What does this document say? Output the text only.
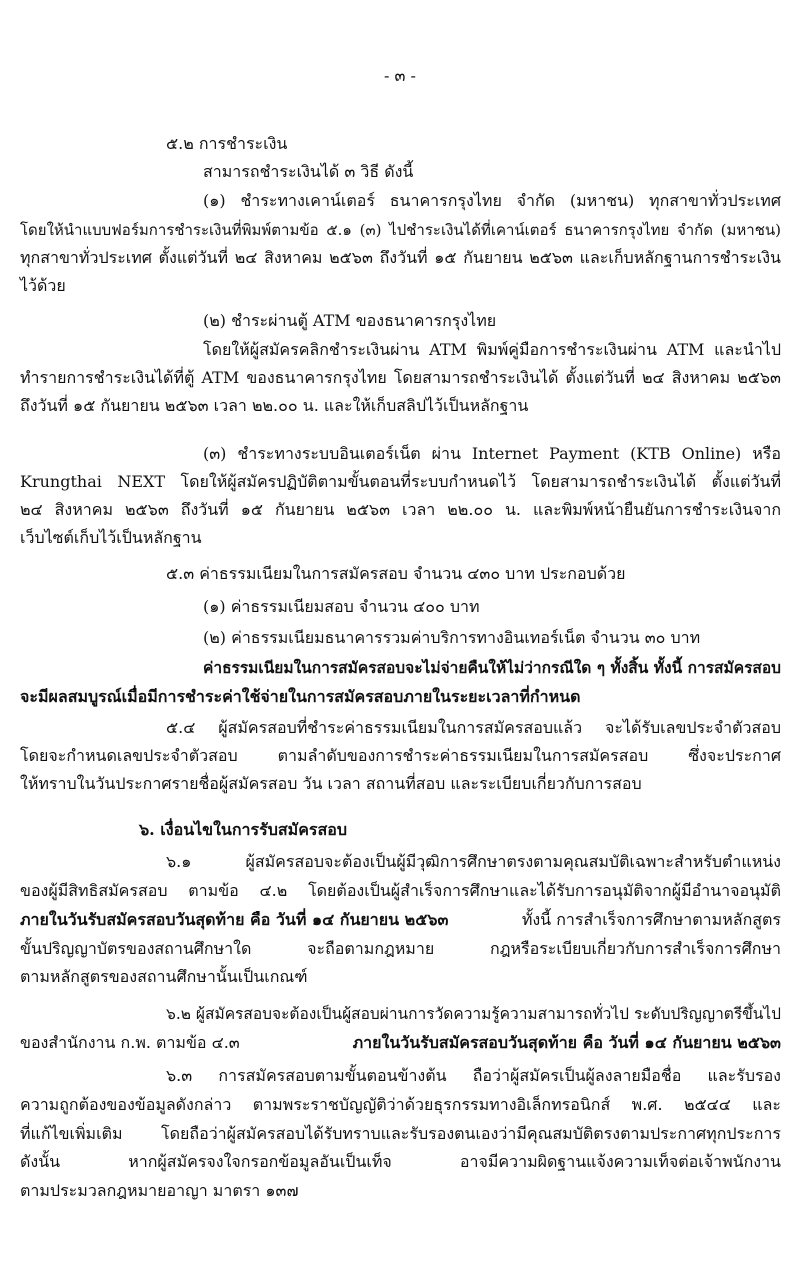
- ๓ -

๕.๒ การชำระเงิน

สามารถชำระเงินได้ ๓ วิธี ดังนี้

(๑) ชำระทางเคาน์เตอร์ ธนาคารกรุงไทย จำกัด (มหาชน) ทุกสาขาทั่วประเทศ

โดยให้นำแบบฟอร์มการชำระเงินที่พิมพ์ตามข้อ ๕.๑ (๓) ไปชำระเงินได้ที่เคาน์เตอร์ ธนาคารกรุงไทย จำกัด (มหาชน)

ทุกสาขาทั่วประเทศ ตั้งแต่วันที่ ๒๔ สิงหาคม ๒๕๖๓ ถึงวันที่ ๑๕ กันยายน ๒๕๖๓ และเก็บหลักฐานการชำระเงิน

ไว้ด้วย

(๒) ชำระผ่านตู้ ATM ของธนาคารกรุงไทย

โดยให้ผู้สมัครคลิกชำระเงินผ่าน ATM พิมพ์คู่มือการชำระเงินผ่าน ATM และนำไป

ทำรายการชำระเงินได้ที่ตู้ ATM ของธนาคารกรุงไทย โดยสามารถชำระเงินได้ ตั้งแต่วันที่ ๒๔ สิงหาคม ๒๕๖๓

ถึงวันที่ ๑๕ กันยายน ๒๕๖๓ เวลา ๒๒.๐๐ น. และให้เก็บสลิปไว้เป็นหลักฐาน

(๓) ชำระทางระบบอินเตอร์เน็ต ผ่าน Internet Payment (KTB Online) หรือ

Krungthai NEXT โดยให้ผู้สมัครปฏิบัติตามขั้นตอนที่ระบบกำหนดไว้ โดยสามารถชำระเงินได้ ตั้งแต่วันที่

๒๔ สิงหาคม ๒๕๖๓ ถึงวันที่ ๑๕ กันยายน ๒๕๖๓ เวลา ๒๒.๐๐ น. และพิมพ์หน้ายืนยันการชำระเงินจาก

เว็บไซต์เก็บไว้เป็นหลักฐาน

๕.๓ ค่าธรรมเนียมในการสมัครสอบ จำนวน ๔๓๐ บาท ประกอบด้วย

(๑) ค่าธรรมเนียมสอบ จำนวน ๔๐๐ บาท

(๒) ค่าธรรมเนียมธนาคารรวมค่าบริการทางอินเทอร์เน็ต จำนวน ๓๐ บาท

ค่าธรรมเนียมในการสมัครสอบจะไม่จ่ายคืนให้ไม่ว่ากรณีใด ๆ ทั้งสิ้น ทั้งนี้ การสมัครสอบ

จะมีผลสมบูรณ์เมื่อมีการชำระค่าใช้จ่ายในการสมัครสอบภายในระยะเวลาที่กำหนด

๕.๔ ผู้สมัครสอบที่ชำระค่าธรรมเนียมในการสมัครสอบแล้ว จะได้รับเลขประจำตัวสอบ

โดยจะกำหนดเลขประจำตัวสอบ ตามลำดับของการชำระค่าธรรมเนียมในการสมัครสอบ ซึ่งจะประกาศ

ให้ทราบในวันประกาศรายชื่อผู้สมัครสอบ วัน เวลา สถานที่สอบ และระเบียบเกี่ยวกับการสอบ

๖. เงื่อนไขในการรับสมัครสอบ

๖.๑ ผู้สมัครสอบจะต้องเป็นผู้มีวุฒิการศึกษาตรงตามคุณสมบัติเฉพาะสำหรับตำแหน่ง

ของผู้มีสิทธิสมัครสอบ ตามข้อ ๔.๒ โดยต้องเป็นผู้สำเร็จการศึกษาและได้รับการอนุมัติจากผู้มีอำนาจอนุมัติ

ภายในวันรับสมัครสอบวันสุดท้าย คือ วันที่ ๑๔ กันยายน ๒๕๖๓	ทั้งนี้ การสำเร็จการศึกษาตามหลักสูตร

ขั้นปริญญาบัตรของสถานศึกษาใด จะถือตามกฎหมาย กฎหรือระเบียบเกี่ยวกับการสำเร็จการศึกษา

ตามหลักสูตรของสถานศึกษานั้นเป็นเกณฑ์

๖.๒ ผู้สมัครสอบจะต้องเป็นผู้สอบผ่านการวัดความรู้ความสามารถทั่วไป ระดับปริญญาตรีขึ้นไป

ของสำนักงาน ก.พ. ตามข้อ ๔.๓	ภายในวันรับสมัครสอบวันสุดท้าย คือ วันที่ ๑๔ กันยายน ๒๕๖๓

๖.๓ การสมัครสอบตามขั้นตอนข้างต้น ถือว่าผู้สมัครเป็นผู้ลงลายมือชื่อ และรับรอง

ความถูกต้องของข้อมูลดังกล่าว ตามพระราชบัญญัติว่าด้วยธุรกรรมทางอิเล็กทรอนิกส์ พ.ศ. ๒๕๔๔ และ

ที่แก้ไขเพิ่มเติม โดยถือว่าผู้สมัครสอบได้รับทราบและรับรองตนเองว่ามีคุณสมบัติตรงตามประกาศทุกประการ

ดังนั้น หากผู้สมัครจงใจกรอกข้อมูลอันเป็นเท็จ อาจมีความผิดฐานแจ้งความเท็จต่อเจ้าพนักงาน

ตามประมวลกฎหมายอาญา มาตรา ๑๓๗
